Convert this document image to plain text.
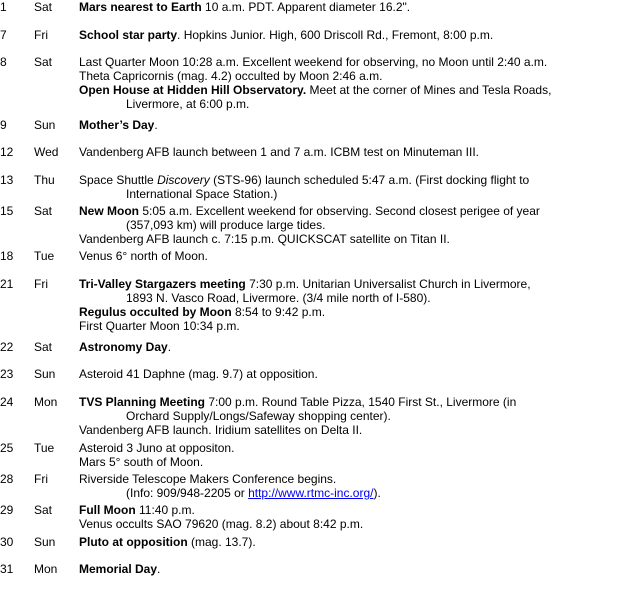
1 Sat Mars nearest to Earth 10 a.m. PDT. Apparent diameter 16.2".
7 Fri	School star party. Hopkins Junior. High, 600 Driscoll Rd., Fremont, 8:00 p.m.
8 Sat Last Quarter Moon 10:28 a.m. Excellent weekend for observing, no Moon until 2:40 a.m.
Theta Capricornis (mag. 4.2) occulted by Moon 2:46 a.m.
Open House at Hidden Hill Observatory. Meet at the corner of Mines and Tesla Roads,
Livermore, at 6:00 p.m.
9 Sun Mother’s Day.
12 Wed Vandenberg AFB launch between 1 and 7 a.m. ICBM test on Minuteman III.
13 Thu Space Shuttle Discovery (STS-96) launch scheduled 5:47 a.m. (First docking flight to
International Space Station.)
15 Sat New Moon 5:05 a.m. Excellent weekend for observing. Second closest perigee of year
(357,093 km) will produce large tides.
Vandenberg AFB launch c. 7:15 p.m. QUICKSCAT satellite on Titan II.
18 Tue Venus 6° north of Moon.
21 Fri	Tri-Valley Stargazers meeting 7:30 p.m. Unitarian Universalist Church in Livermore,
1893 N. Vasco Road, Livermore. (3/4 mile north of I-580).
Regulus occulted by Moon 8:54 to 9:42 p.m.
First Quarter Moon 10:34 p.m.
22 Sat Astronomy Day.
23 Sun Asteroid 41 Daphne (mag. 9.7) at opposition.
24 Mon TVS Planning Meeting 7:00 p.m. Round Table Pizza, 1540 First St., Livermore (in
Orchard Supply/Longs/Safeway shopping center).
Vandenberg AFB launch. Iridium satellites on Delta II.
25 Tue Asteroid 3 Juno at oppositon.
Mars 5° south of Moon.
28 Fri	Riverside Telescope Makers Conference begins.
(Info: 909/948-2205 or http://www.rtmc-inc.org/).
29 Sat Full Moon 11:40 p.m.
Venus occults SAO 79620 (mag. 8.2) about 8:42 p.m.
30 Sun Pluto at opposition (mag. 13.7).
31 Mon Memorial Day.
